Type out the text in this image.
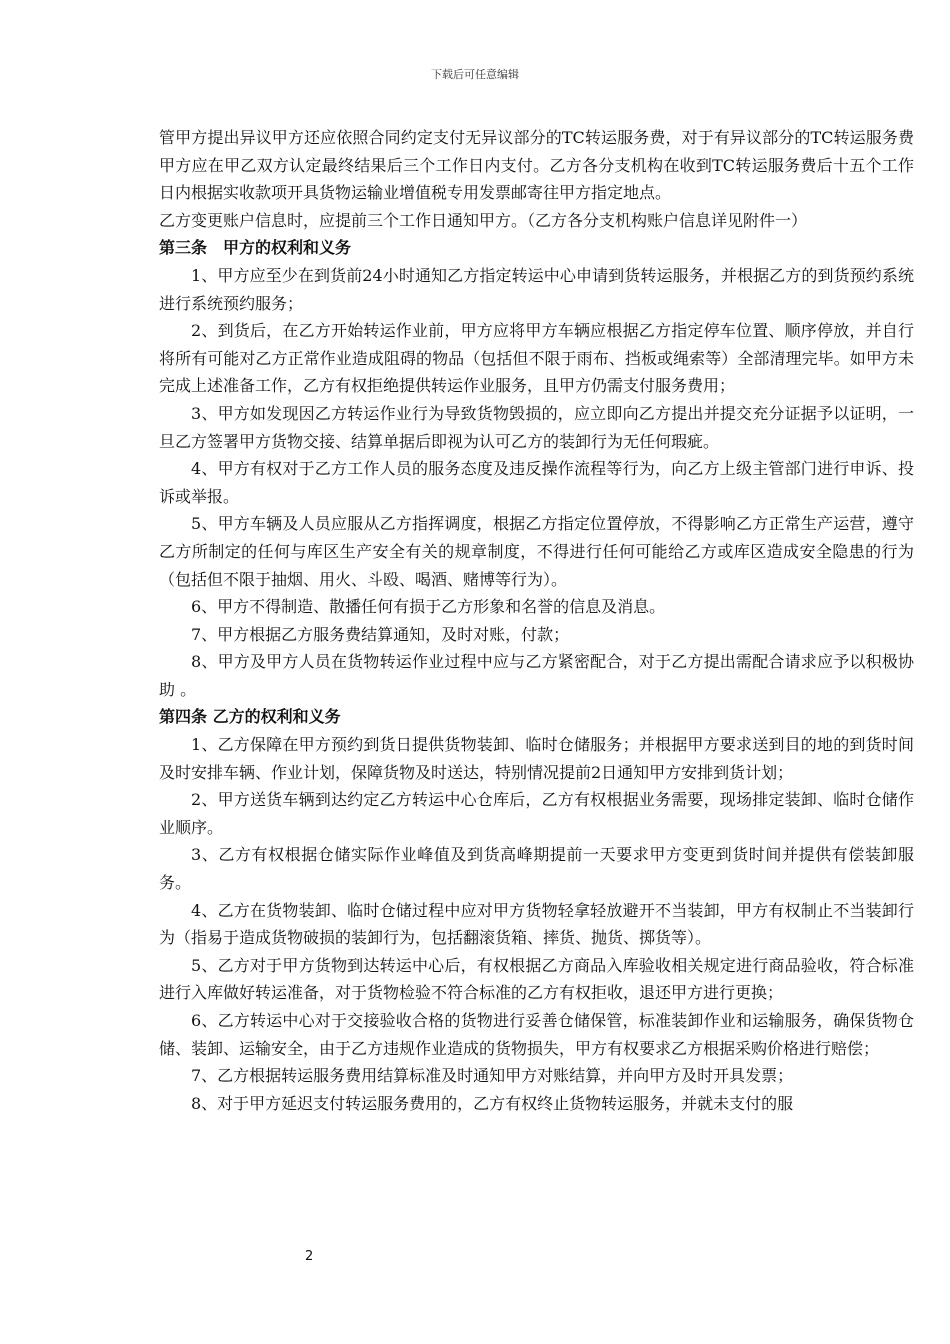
下载后可任意编辑

管甲方提出异议甲方还应依照合同约定支付无异议部分的TC转运服务费，对于有异议部分的TC转运服务费甲方应在甲乙双方认定最终结果后三个工作日内支付。乙方各分支机构在收到TC转运服务费后十五个工作日内根据实收款项开具货物运输业增值税专用发票邮寄往甲方指定地点。

乙方变更账户信息时，应提前三个工作日通知甲方。（乙方各分支机构账户信息详见附件一）

第三条　甲方的权利和义务

1、甲方应至少在到货前24小时通知乙方指定转运中心申请到货转运服务，并根据乙方的到货预约系统进行系统预约服务；

2、到货后，在乙方开始转运作业前，甲方应将甲方车辆应根据乙方指定停车位置、顺序停放，并自行将所有可能对乙方正常作业造成阻碍的物品（包括但不限于雨布、挡板或绳索等）全部清理完毕。如甲方未完成上述准备工作，乙方有权拒绝提供转运作业服务，且甲方仍需支付服务费用；

3、甲方如发现因乙方转运作业行为导致货物毁损的，应立即向乙方提出并提交充分证据予以证明，一旦乙方签署甲方货物交接、结算单据后即视为认可乙方的装卸行为无任何瑕疵。

4、甲方有权对于乙方工作人员的服务态度及违反操作流程等行为，向乙方上级主管部门进行申诉、投诉或举报。

5、甲方车辆及人员应服从乙方指挥调度，根据乙方指定位置停放，不得影响乙方正常生产运营，遵守乙方所制定的任何与库区生产安全有关的规章制度，不得进行任何可能给乙方或库区造成安全隐患的行为（包括但不限于抽烟、用火、斗殴、喝酒、赌博等行为）。

6、甲方不得制造、散播任何有损于乙方形象和名誉的信息及消息。

7、甲方根据乙方服务费结算通知，及时对账，付款；

8、甲方及甲方人员在货物转运作业过程中应与乙方紧密配合，对于乙方提出需配合请求应予以积极协助 。

第四条 乙方的权利和义务

1、乙方保障在甲方预约到货日提供货物装卸、临时仓储服务；并根据甲方要求送到目的地的到货时间及时安排车辆、作业计划，保障货物及时送达，特别情况提前2日通知甲方安排到货计划；

2、甲方送货车辆到达约定乙方转运中心仓库后，乙方有权根据业务需要，现场排定装卸、临时仓储作业顺序。

3、乙方有权根据仓储实际作业峰值及到货高峰期提前一天要求甲方变更到货时间并提供有偿装卸服务。

4、乙方在货物装卸、临时仓储过程中应对甲方货物轻拿轻放避开不当装卸，甲方有权制止不当装卸行为（指易于造成货物破损的装卸行为，包括翻滚货箱、摔货、抛货、掷货等）。

5、乙方对于甲方货物到达转运中心后，有权根据乙方商品入库验收相关规定进行商品验收，符合标准进行入库做好转运准备，对于货物检验不符合标准的乙方有权拒收，退还甲方进行更换；

6、乙方转运中心对于交接验收合格的货物进行妥善仓储保管，标准装卸作业和运输服务，确保货物仓储、装卸、运输安全，由于乙方违规作业造成的货物损失，甲方有权要求乙方根据采购价格进行赔偿；

7、乙方根据转运服务费用结算标准及时通知甲方对账结算，并向甲方及时开具发票；

8、对于甲方延迟支付转运服务费用的，乙方有权终止货物转运服务，并就未支付的服

2
